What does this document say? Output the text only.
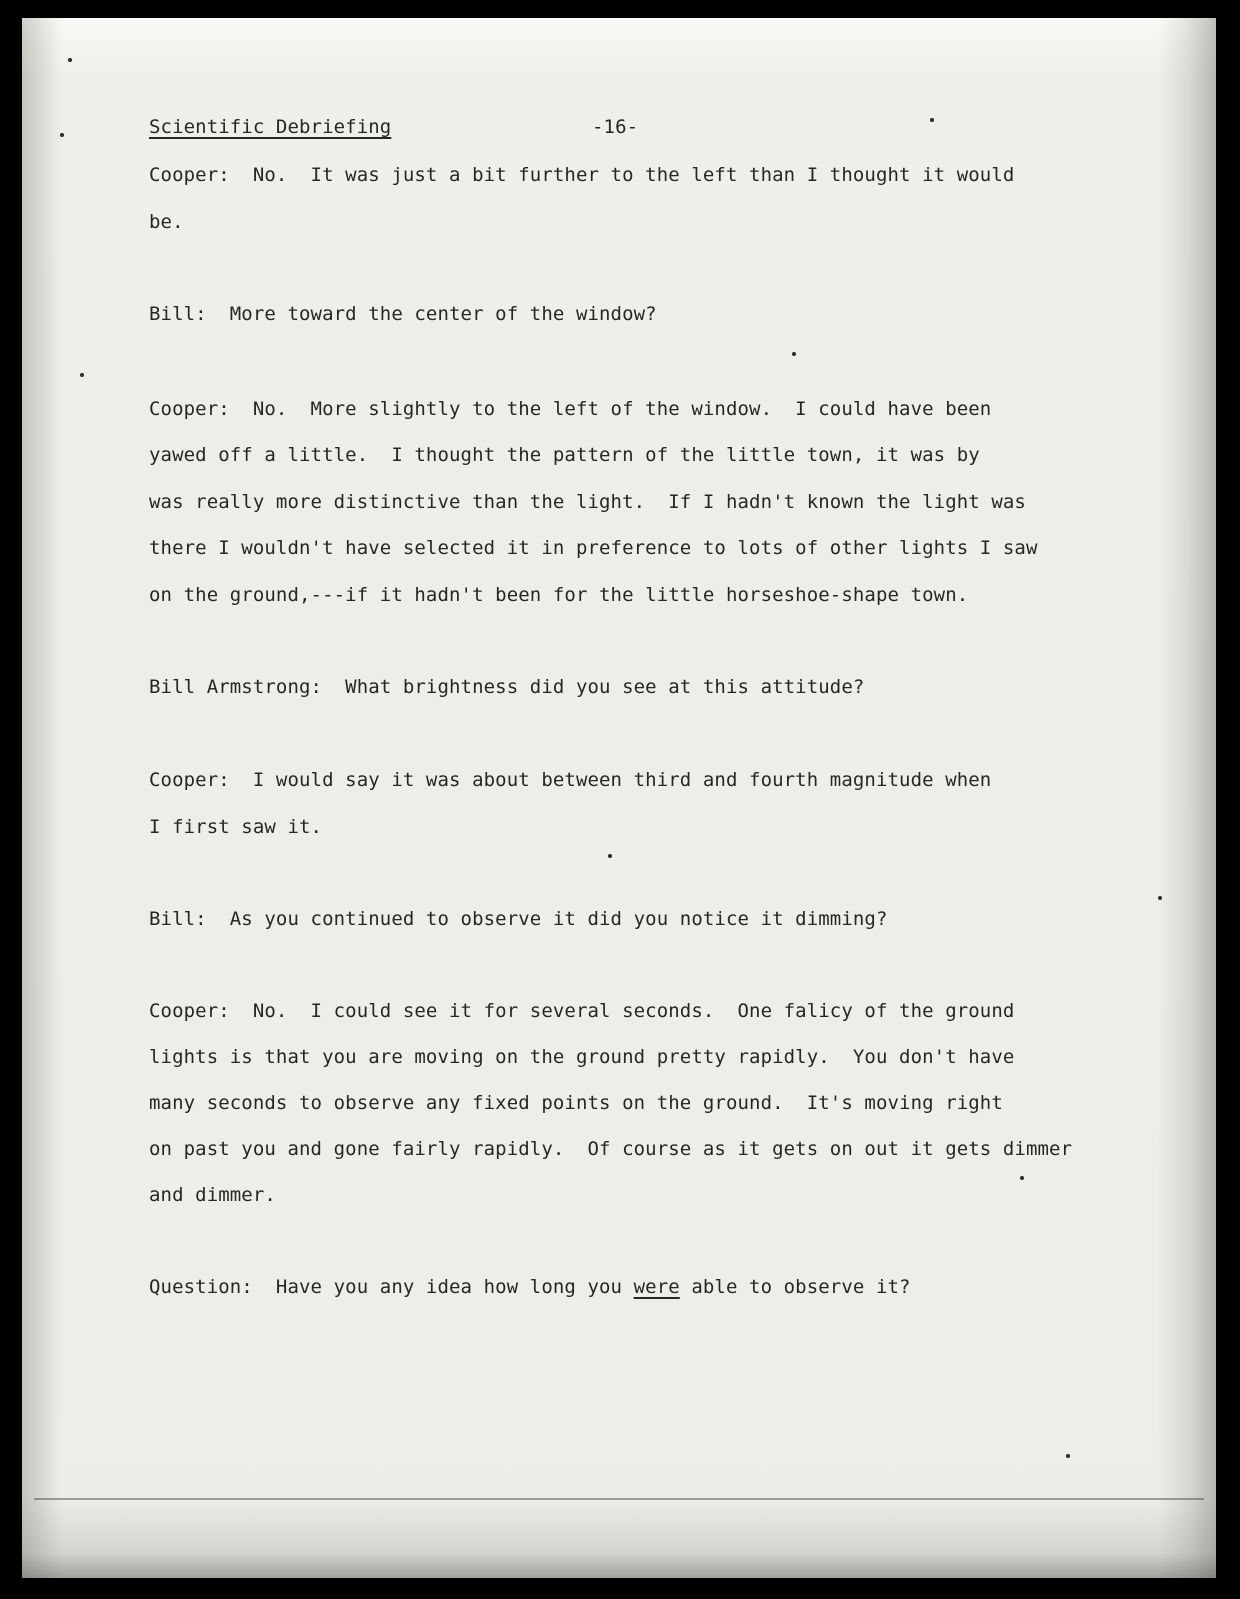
Scientific Debriefing

	-16-

Cooper:  No.  It was just a bit further to the left than I thought it would

be.

Bill:  More toward the center of the window?

Cooper:  No.  More slightly to the left of the window.  I could have been

yawed off a little.  I thought the pattern of the little town, it was by

was really more distinctive than the light.  If I hadn't known the light was

there I wouldn't have selected it in preference to lots of other lights I saw

on the ground,---if it hadn't been for the little horseshoe-shape town.

Bill Armstrong:  What brightness did you see at this attitude?

Cooper:  I would say it was about between third and fourth magnitude when

I first saw it.

Bill:  As you continued to observe it did you notice it dimming?

Cooper:  No.  I could see it for several seconds.  One falicy of the ground

lights is that you are moving on the ground pretty rapidly.  You don't have

many seconds to observe any fixed points on the ground.  It's moving right

on past you and gone fairly rapidly.  Of course as it gets on out it gets dimmer

and dimmer.

Question:  Have you any idea how long you were able to observe it?
